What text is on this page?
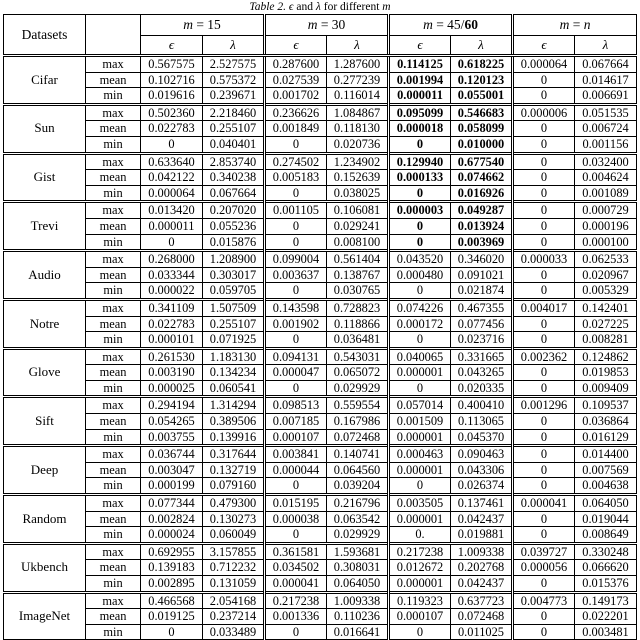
Table 2. ϵ and λ for different m
Datasets		m = 15		m = 30		m = 45/60		m = n	
		ϵ	λ	ϵ	λ	ϵ	λ	ϵ	λ
Cifar	max	0.567575	2.527575	0.287600	1.287600	0.114125	0.618225	0.000064	0.067664
	mean	0.102716	0.575372	0.027539	0.277239	0.001994	0.120123	0	0.014617
	min	0.019616	0.239671	0.001702	0.116014	0.000011	0.055001	0	0.006691
Sun	max	0.502360	2.218460	0.236626	1.084867	0.095099	0.546683	0.000006	0.051535
	mean	0.022783	0.255107	0.001849	0.118130	0.000018	0.058099	0	0.006724
	min	0	0.040401	0	0.020736	0	0.010000	0	0.001156
Gist	max	0.633640	2.853740	0.274502	1.234902	0.129940	0.677540	0	0.032400
	mean	0.042122	0.340238	0.005183	0.152639	0.000133	0.074662	0	0.004624
	min	0.000064	0.067664	0	0.038025	0	0.016926	0	0.001089
Trevi	max	0.013420	0.207020	0.001105	0.106081	0.000003	0.049287	0	0.000729
	mean	0.000011	0.055236	0	0.029241	0	0.013924	0	0.000196
	min	0	0.015876	0	0.008100	0	0.003969	0	0.000100
Audio	max	0.268000	1.208900	0.099004	0.561404	0.043520	0.346020	0.000033	0.062533
	mean	0.033344	0.303017	0.003637	0.138767	0.000480	0.091021	0	0.020967
	min	0.000022	0.059705	0	0.030765	0	0.021874	0	0.005329
Notre	max	0.341109	1.507509	0.143598	0.728823	0.074226	0.467355	0.004017	0.142401
	mean	0.022783	0.255107	0.001902	0.118866	0.000172	0.077456	0	0.027225
	min	0.000101	0.071925	0	0.036481	0	0.023716	0	0.008281
Glove	max	0.261530	1.183130	0.094131	0.543031	0.040065	0.331665	0.002362	0.124862
	mean	0.003190	0.134234	0.000047	0.065072	0.000001	0.043265	0	0.019853
	min	0.000025	0.060541	0	0.029929	0	0.020335	0	0.009409
Sift	max	0.294194	1.314294	0.098513	0.559554	0.057014	0.400410	0.001296	0.109537
	mean	0.054265	0.389506	0.007185	0.167986	0.001509	0.113065	0	0.036864
	min	0.003755	0.139916	0.000107	0.072468	0.000001	0.045370	0	0.016129
Deep	max	0.036744	0.317644	0.003841	0.140741	0.000463	0.090463	0	0.014400
	mean	0.003047	0.132719	0.000044	0.064560	0.000001	0.043306	0	0.007569
	min	0.000199	0.079160	0	0.039204	0	0.026374	0	0.004638
Random	max	0.077344	0.479300	0.015195	0.216796	0.003505	0.137461	0.000041	0.064050
	mean	0.002824	0.130273	0.000038	0.063542	0.000001	0.042437	0	0.019044
	min	0.000024	0.060049	0	0.029929	0.	0.019881	0	0.008649
Ukbench	max	0.692955	3.157855	0.361581	1.593681	0.217238	1.009338	0.039727	0.330248
	mean	0.139183	0.712232	0.034502	0.308031	0.012672	0.202768	0.000056	0.066620
	min	0.002895	0.131059	0.000041	0.064050	0.000001	0.042437	0	0.015376
ImageNet	max	0.466568	2.054168	0.217238	1.009338	0.119323	0.637723	0.004773	0.149173
	mean	0.019125	0.237214	0.001336	0.110236	0.000107	0.072468	0	0.022201
	min	0	0.033489	0	0.016641	0	0.011025	0	0.003481
